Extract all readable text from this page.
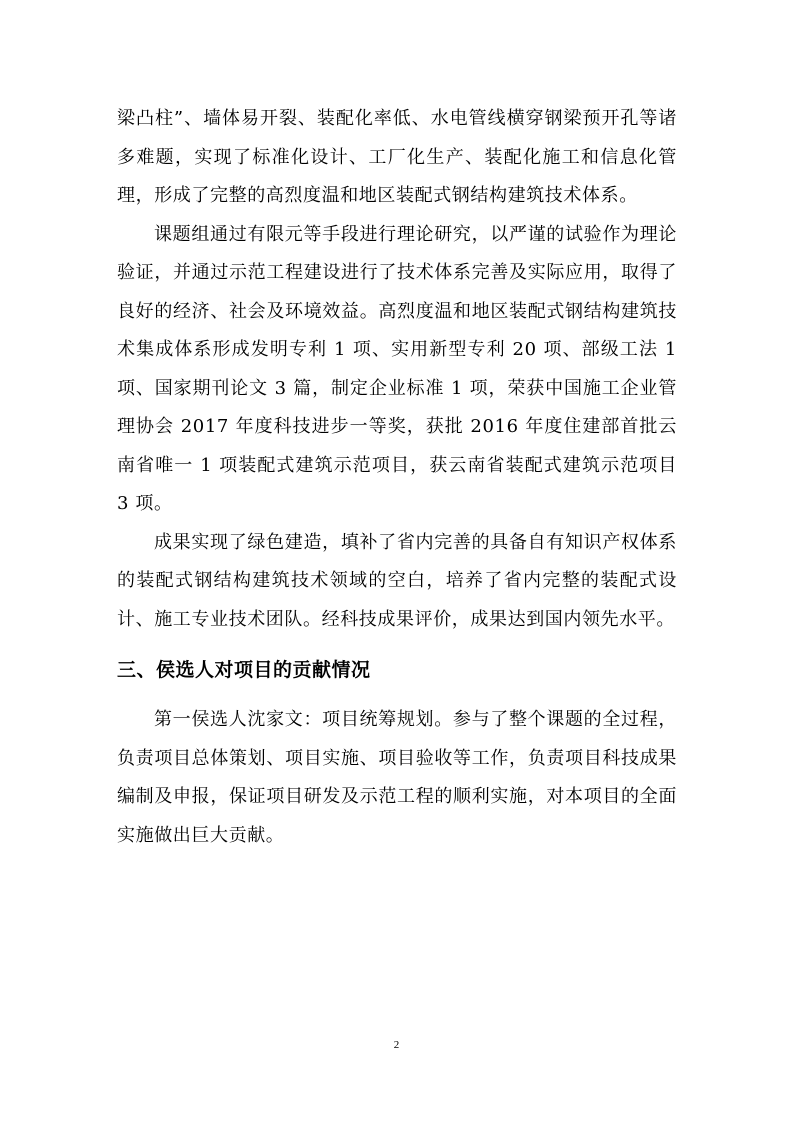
梁凸柱”、墙体易开裂、装配化率低、水电管线横穿钢梁预开孔等诸多难题，实现了标准化设计、工厂化生产、装配化施工和信息化管理，形成了完整的高烈度温和地区装配式钢结构建筑技术体系。

课题组通过有限元等手段进行理论研究，以严谨的试验作为理论验证，并通过示范工程建设进行了技术体系完善及实际应用，取得了良好的经济、社会及环境效益。高烈度温和地区装配式钢结构建筑技术集成体系形成发明专利 1 项、实用新型专利 20 项、部级工法 1 项、国家期刊论文 3 篇，制定企业标准 1 项，荣获中国施工企业管理协会 2017 年度科技进步一等奖，获批 2016 年度住建部首批云南省唯一 1 项装配式建筑示范项目，获云南省装配式建筑示范项目 3 项。

成果实现了绿色建造，填补了省内完善的具备自有知识产权体系的装配式钢结构建筑技术领域的空白，培养了省内完整的装配式设计、施工专业技术团队。经科技成果评价，成果达到国内领先水平。

三、侯选人对项目的贡献情况

第一侯选人沈家文：项目统筹规划。参与了整个课题的全过程，负责项目总体策划、项目实施、项目验收等工作，负责项目科技成果编制及申报，保证项目研发及示范工程的顺利实施，对本项目的全面实施做出巨大贡献。

2
